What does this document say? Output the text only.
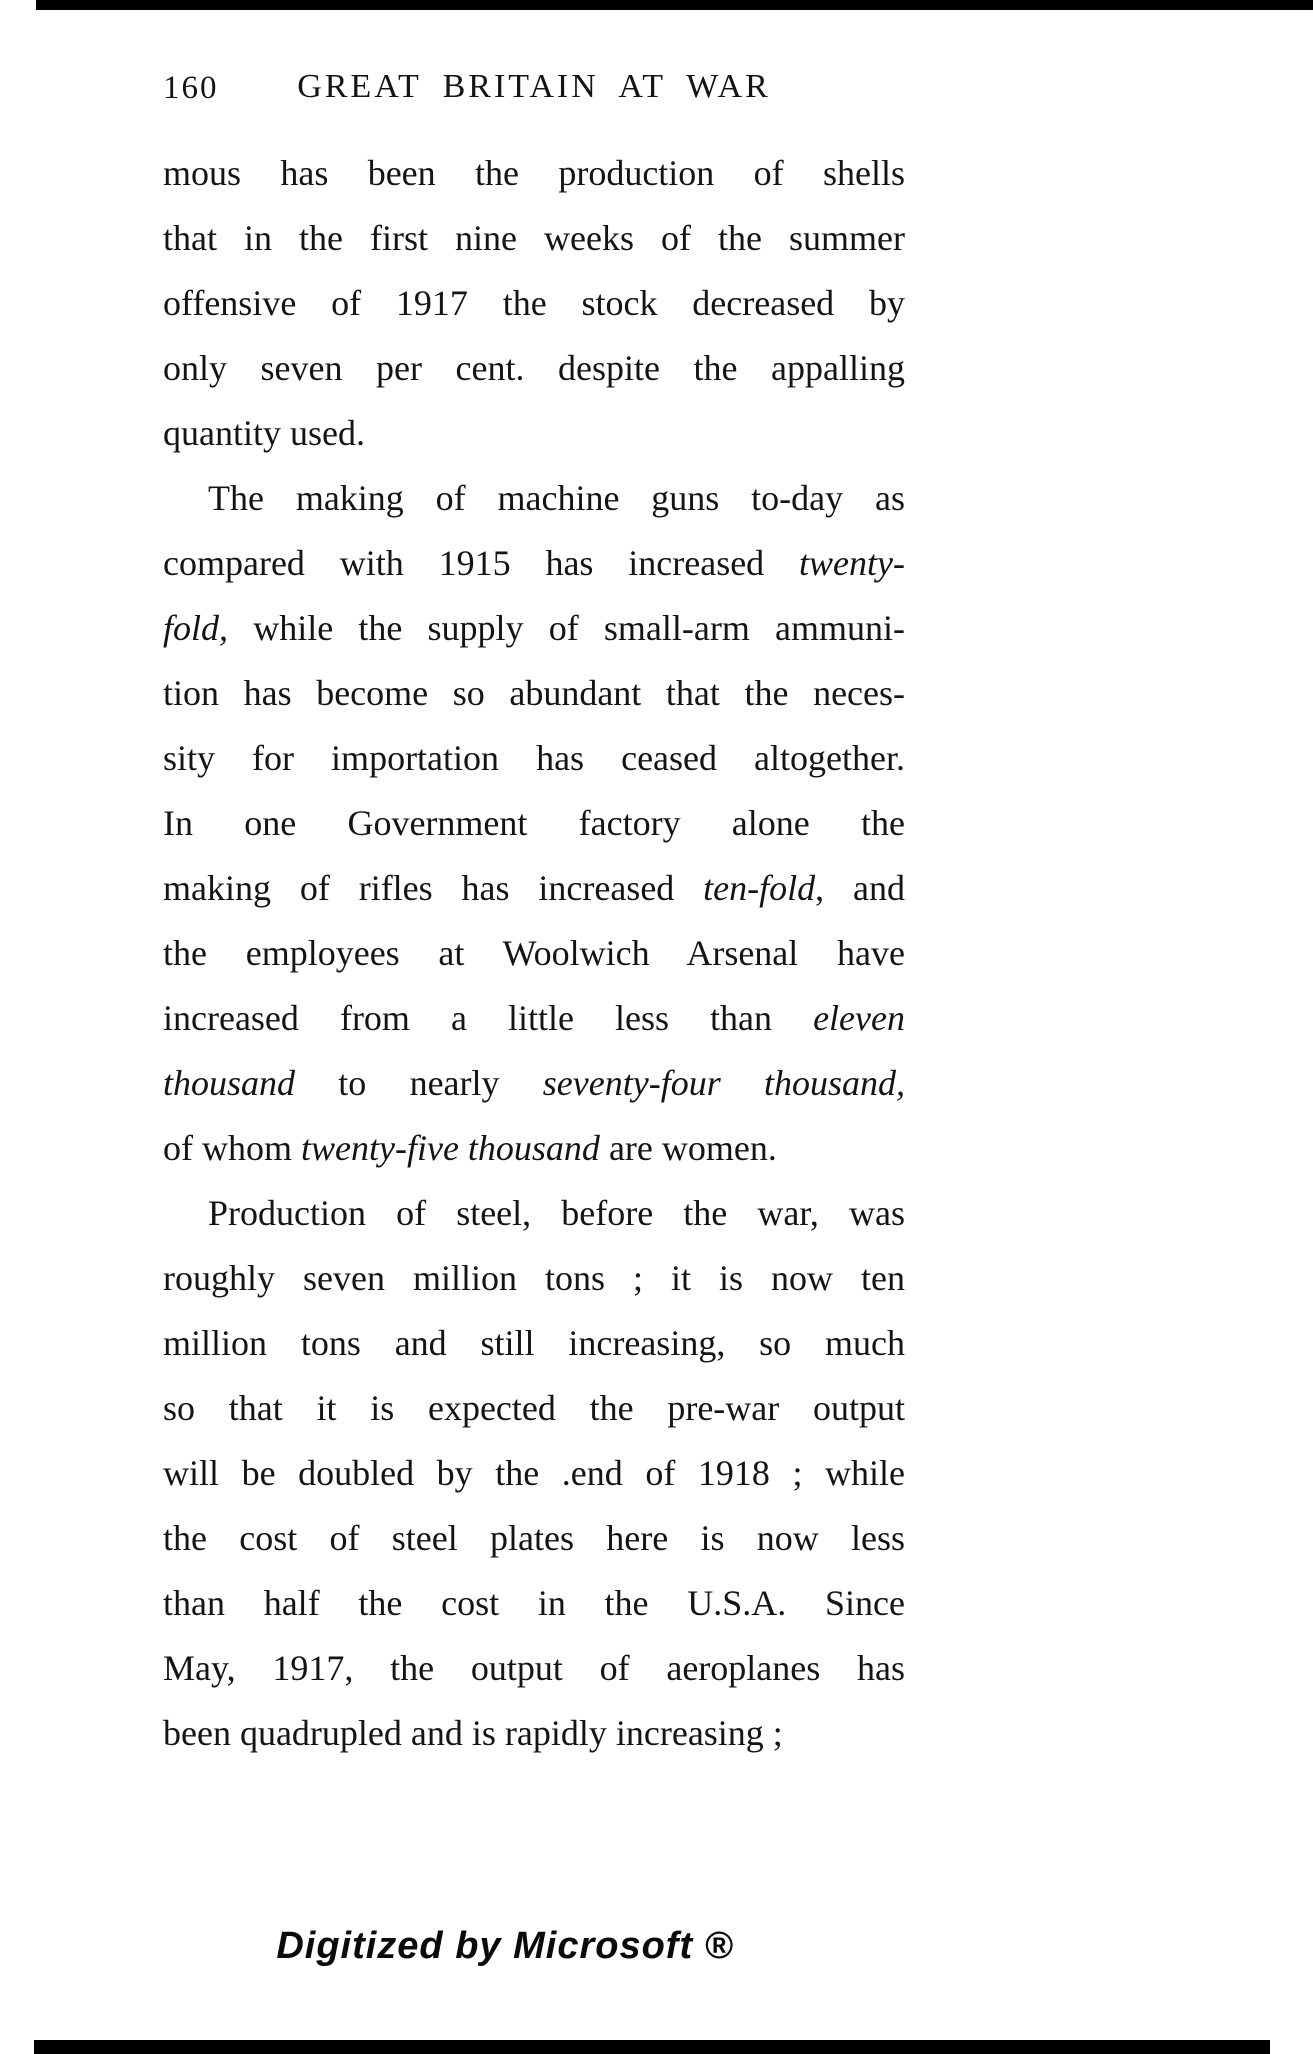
160	GREAT BRITAIN AT WAR
mous has been the production of shells
that in the first nine weeks of the summer
offensive of 1917 the stock decreased by
only seven per cent. despite the appalling
quantity used.
The making of machine guns to-day as
compared with 1915 has increased twenty-
fold, while the supply of small-arm ammuni-
tion has become so abundant that the neces-
sity for importation has ceased altogether.
In one Government factory alone the
making of rifles has increased ten-fold, and
the employees at Woolwich Arsenal have
increased from a little less than eleven
thousand to nearly seventy-four thousand,
of whom twenty-five thousand are women.
Production of steel, before the war, was
roughly seven million tons ; it is now ten
million tons and still increasing, so much
so that it is expected the pre-war output
will be doubled by the .end of 1918 ; while
the cost of steel plates here is now less
than half the cost in the U.S.A. Since
May, 1917, the output of aeroplanes has
been quadrupled and is rapidly increasing ;
Digitized by Microsoft ®
